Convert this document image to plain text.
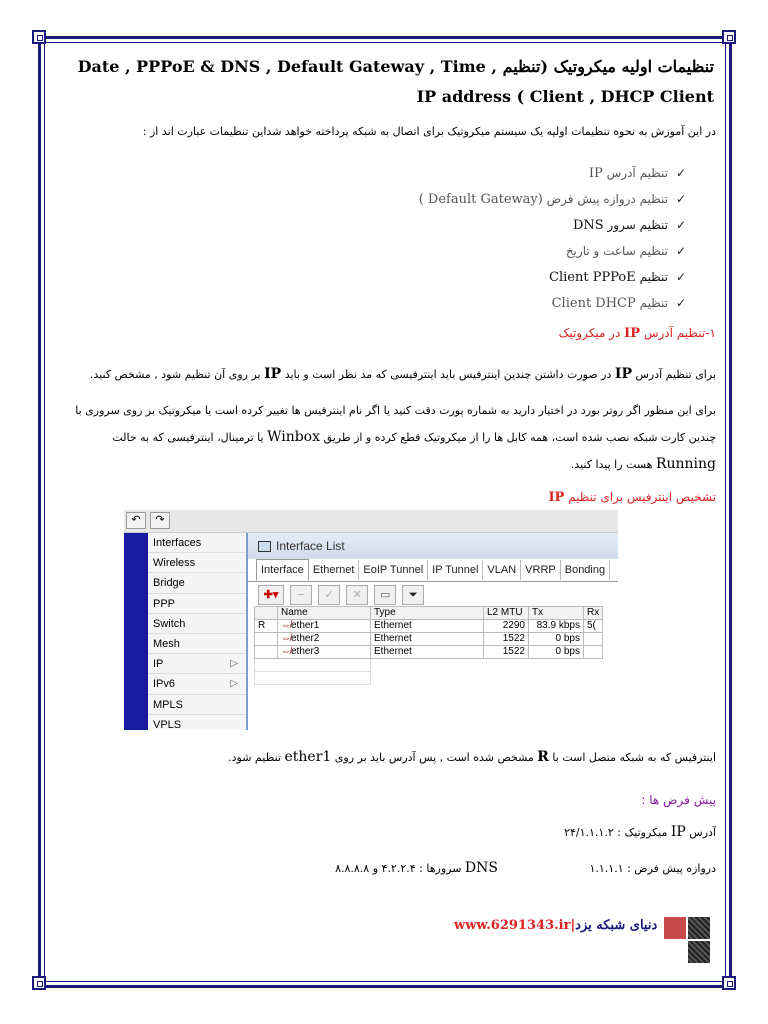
تنظیمات اولیه میکروتیک (تنظیم Date , PPPoE & DNS , Default Gateway , Time , IP address ( Client , DHCP Client
در این آموزش به نحوه تنظیمات اولیه یک سیستم میکروتیک برای اتصال به شبکه پرداخته خواهد شداین تنظیمات عبارت اند از :
✓تنظیم آدرس IP
✓تنظیم دروازه پیش فرض (Default Gateway )
✓تنظیم سرور DNS
✓تنظیم ساعت و تاریخ
✓تنظیم Client PPPoE
✓تنظیم Client DHCP
۱-تنظیم آدرس IP در میکروتیک
برای تنظیم آدرس IP در صورت داشتن چندین اینترفیس باید اینترفیسی که مد نظر است و باید IP بر روی آن تنظیم شود , مشخص کنید.
برای این منظور اگر روتر بورد در اختیار دارید به شماره پورت دقت کنید یا اگر نام اینترفیس ها تغییر کرده است یا میکروتیک بر روی سروری با
چندین کارت شبکه نصب شده است، همه کابل ها را از میکروتیک قطع کرده و از طریق Winbox یا ترمینال، اینترفیسی که به حالت
Running هست را پیدا کنید.
تشخیص اینترفیس برای تنظیم IP
اینترفیس که به شبکه متصل است با R مشخص شده است , پس آدرس باید بر روی ether1 تنظیم شود.
پیش فرض ها :
آدرس IP میکروتیک : ۲۴/۱.۱.۱.۲
دروازه پیش فرض : ۱.۱.۱.۱
DNS سرورها : ۴.۲.۲.۴ و ۸.۸.۸.۸
↶	↷
Interfaces
Wireless
Bridge
PPP
Switch
Mesh
IP	▷
IPv6	▷
MPLS
VPLS
Interface List
Interface Ethernet EoIP Tunnel IP Tunnel VLAN VRRP Bonding
✚▾ − ✓ ✕ ▭ ⏷
	Name	Type	L2 MTU	Tx	Rx
R	⇎ether1	Ethernet	2290	83.9 kbps	5(
	⇎ether2	Ethernet	1522	0 bps	
	⇎ether3	Ethernet	1522	0 bps	

www.6291343.ir|دنیای شبکه یزد
